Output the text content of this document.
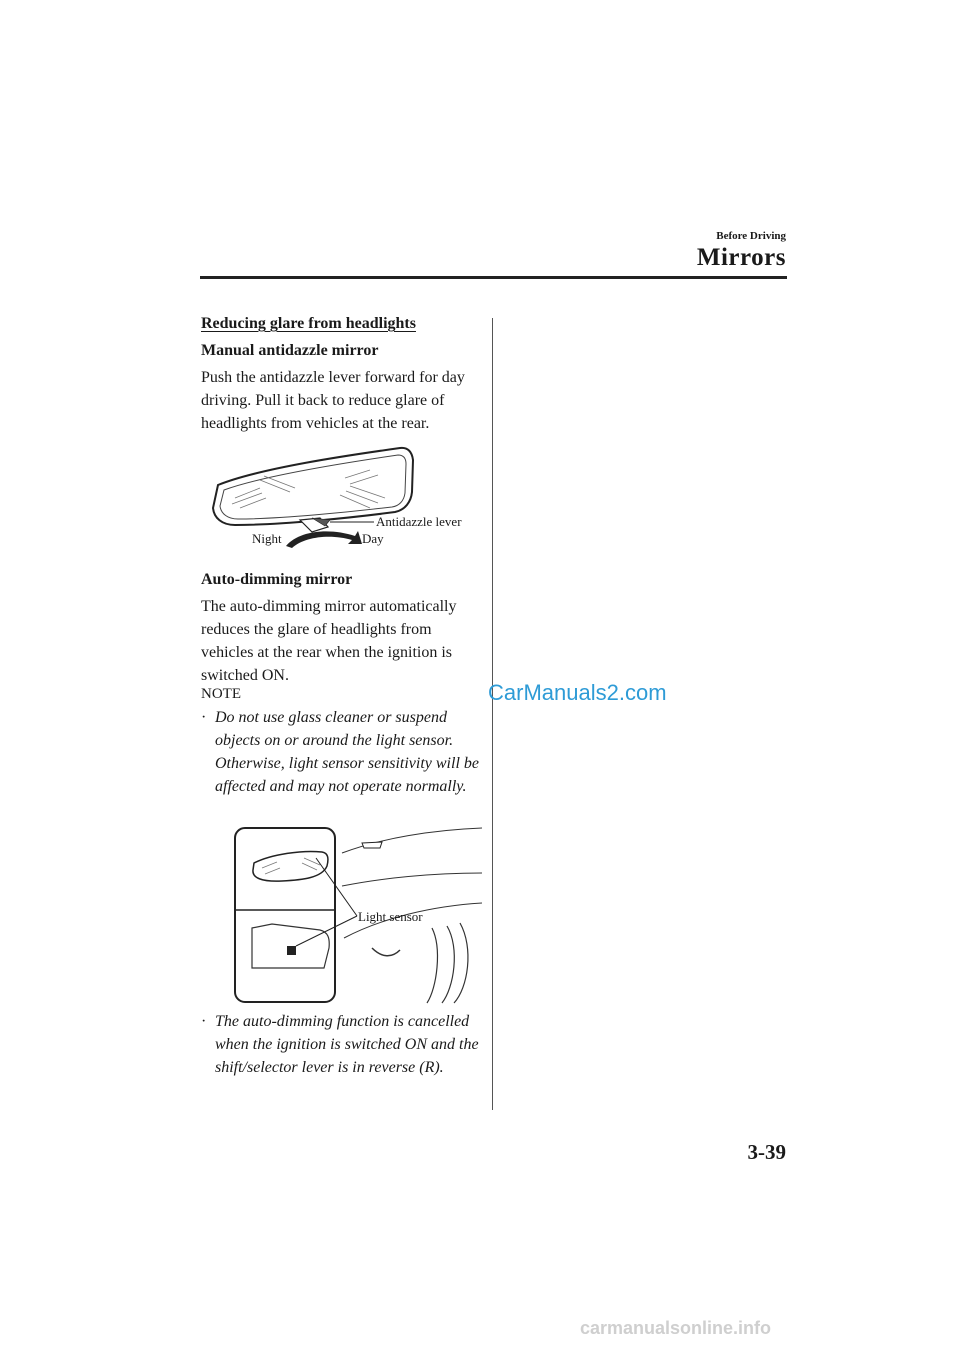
Before Driving
Mirrors
Reducing glare from headlights
Manual antidazzle mirror
Push the antidazzle lever forward for day driving. Pull it back to reduce glare of headlights from vehicles at the rear.
Antidazzle lever
Night	Day
Auto-dimming mirror
The auto-dimming mirror automatically reduces the glare of headlights from vehicles at the rear when the ignition is switched ON.
NOTE
· Do not use glass cleaner or suspend objects on or around the light sensor. Otherwise, light sensor sensitivity will be affected and may not operate normally.
Light sensor
· The auto-dimming function is cancelled when the ignition is switched ON and the shift/selector lever is in reverse (R).
CarManuals2.com
3-39
carmanualsonline.info
